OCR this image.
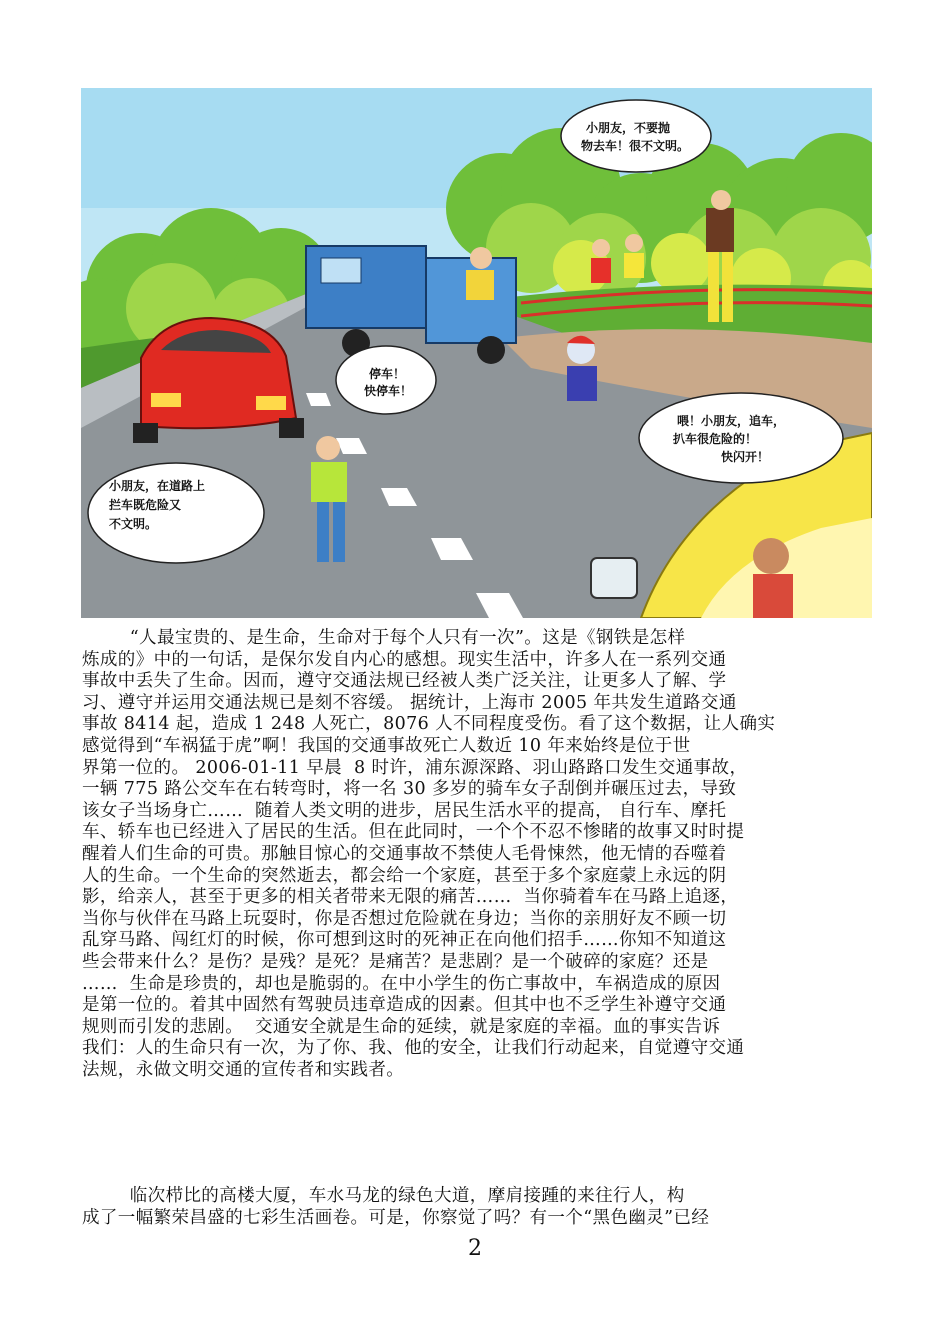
小朋友，不要抛
物去车！很不文明。
停车！
快停车！
小朋友，在道路上
拦车既危险又
不文明。
喂！小朋友，追车，
扒车很危险的！
快闪开！
“人最宝贵的、是生命，生命对于每个人只有一次”。这是《钢铁是怎样
炼成的》中的一句话，是保尔发自内心的感想。现实生活中，许多人在一系列交通
事故中丢失了生命。因而，遵守交通法规已经被人类广泛关注，让更多人了解、学
习、遵守并运用交通法规已是刻不容缓。 据统计，上海市 2005 年共发生道路交通
事故 8414 起，造成 1 248 人死亡，8076 人不同程度受伤。看了这个数据，让人确实
感觉得到“车祸猛于虎”啊！我国的交通事故死亡人数近 10 年来始终是位于世
界第一位的。 2006-01-11 早晨  8 时许，浦东源深路、羽山路路口发生交通事故，
一辆 775 路公交车在右转弯时，将一名 30 多岁的骑车女子刮倒并碾压过去，导致
该女子当场身亡……  随着人类文明的进步，居民生活水平的提高， 自行车、摩托
车、轿车也已经进入了居民的生活。但在此同时，一个个不忍不惨睹的故事又时时提
醒着人们生命的可贵。那触目惊心的交通事故不禁使人毛骨悚然，他无情的吞噬着
人的生命。一个生命的突然逝去，都会给一个家庭，甚至于多个家庭蒙上永远的阴
影，给亲人，甚至于更多的相关者带来无限的痛苦……  当你骑着车在马路上追逐，
当你与伙伴在马路上玩耍时，你是否想过危险就在身边；当你的亲朋好友不顾一切
乱穿马路、闯红灯的时候，你可想到这时的死神正在向他们招手……你知不知道这
些会带来什么？是伤？是残？是死？是痛苦？是悲剧？是一个破碎的家庭？还是
……  生命是珍贵的，却也是脆弱的。在中小学生的伤亡事故中，车祸造成的原因
是第一位的。着其中固然有驾驶员违章造成的因素。但其中也不乏学生补遵守交通
规则而引发的悲剧。  交通安全就是生命的延续，就是家庭的幸福。血的事实告诉
我们：人的生命只有一次，为了你、我、他的安全，让我们行动起来，自觉遵守交通
法规，永做文明交通的宣传者和实践者。
临次栉比的高楼大厦，车水马龙的绿色大道，摩肩接踵的来往行人，构
成了一幅繁荣昌盛的七彩生活画卷。可是，你察觉了吗？有一个“黑色幽灵”已经
2
